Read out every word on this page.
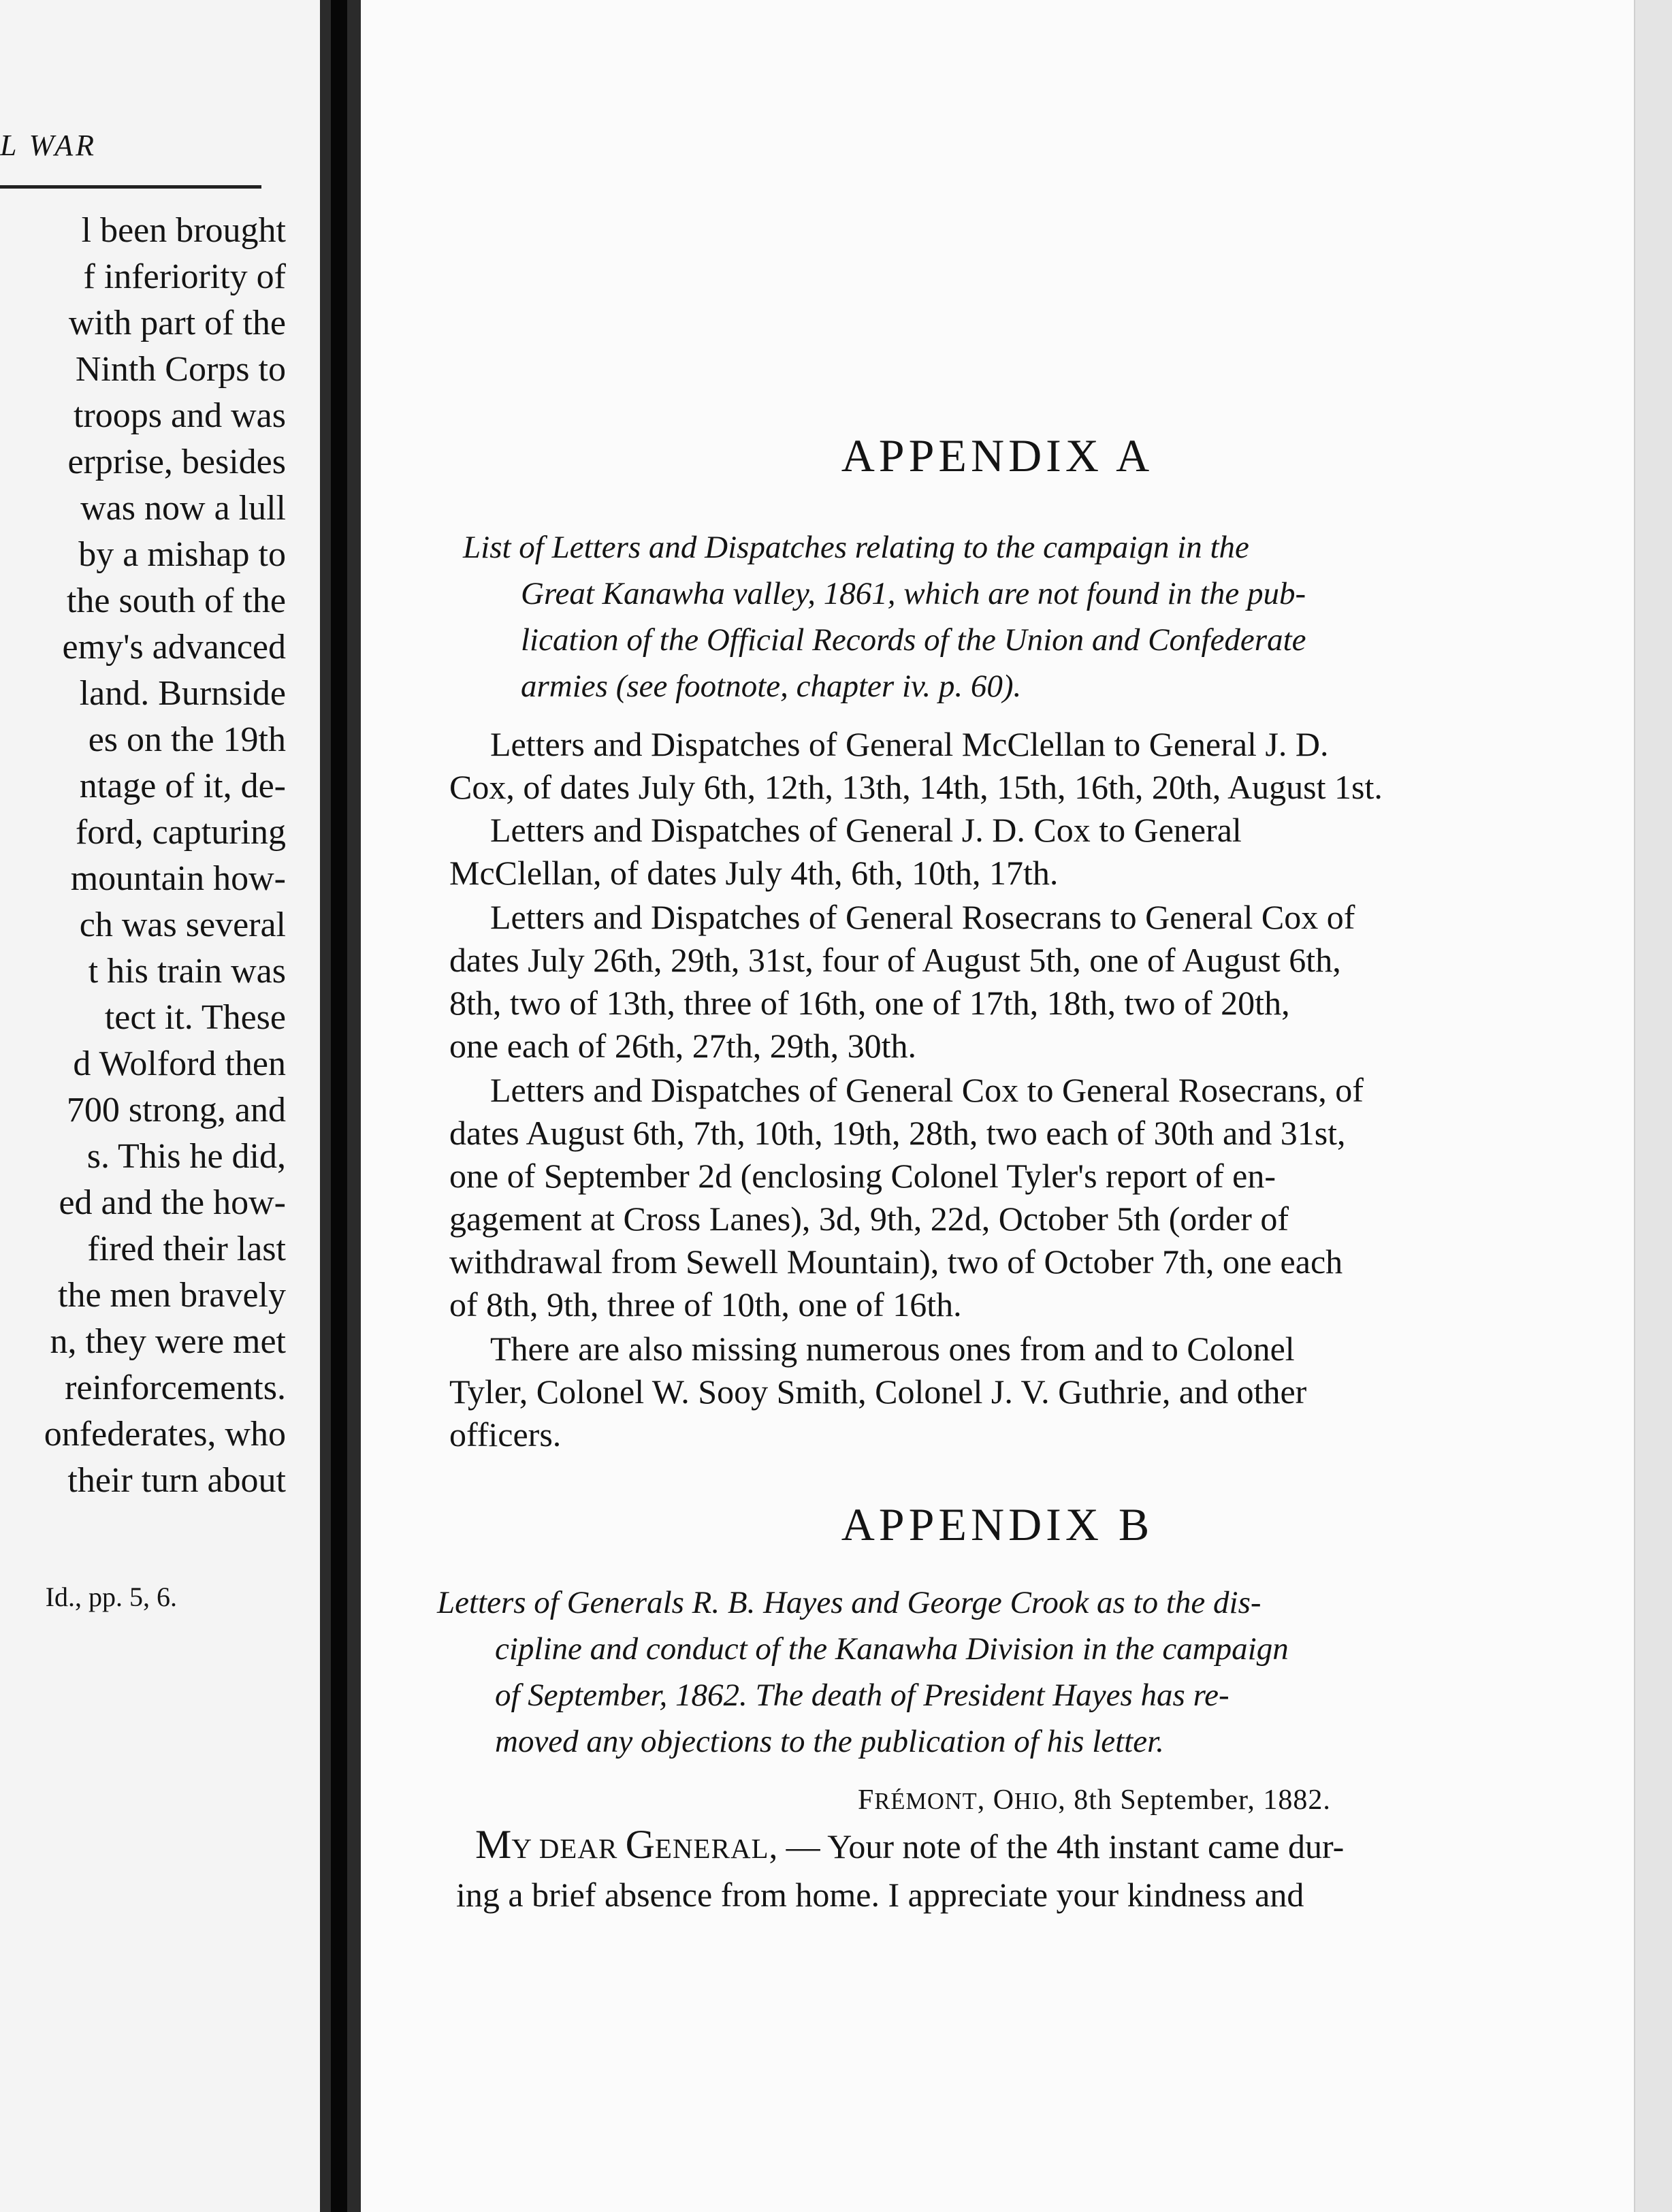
L WAR
l been brought
f inferiority of
with part of the
Ninth Corps to
troops and was
erprise, besides
was now a lull
by a mishap to
the south of the
emy's advanced
land. Burnside
es on the 19th
ntage of it, de-
ford, capturing
mountain how-
ch was several
t his train was
tect it. These
d Wolford then
700 strong, and
s. This he did,
ed and the how-
fired their last
the men bravely
n, they were met
reinforcements.
onfederates, who
their turn about
Id., pp. 5, 6.
APPENDIX A
List of Letters and Dispatches relating to the campaign in the
Great Kanawha valley, 1861, which are not found in the pub-
lication of the Official Records of the Union and Confederate
armies (see footnote, chapter iv. p. 60).
Letters and Dispatches of General McClellan to General J. D.
Cox, of dates July 6th, 12th, 13th, 14th, 15th, 16th, 20th, August 1st.
Letters and Dispatches of General J. D. Cox to General
McClellan, of dates July 4th, 6th, 10th, 17th.
Letters and Dispatches of General Rosecrans to General Cox of
dates July 26th, 29th, 31st, four of August 5th, one of August 6th,
8th, two of 13th, three of 16th, one of 17th, 18th, two of 20th,
one each of 26th, 27th, 29th, 30th.
Letters and Dispatches of General Cox to General Rosecrans, of
dates August 6th, 7th, 10th, 19th, 28th, two each of 30th and 31st,
one of September 2d (enclosing Colonel Tyler's report of en-
gagement at Cross Lanes), 3d, 9th, 22d, October 5th (order of
withdrawal from Sewell Mountain), two of October 7th, one each
of 8th, 9th, three of 10th, one of 16th.
There are also missing numerous ones from and to Colonel
Tyler, Colonel W. Sooy Smith, Colonel J. V. Guthrie, and other
officers.
APPENDIX B
Letters of Generals R. B. Hayes and George Crook as to the dis-
cipline and conduct of the Kanawha Division in the campaign
of September, 1862. The death of President Hayes has re-
moved any objections to the publication of his letter.
FRÉMONT, OHIO, 8th September, 1882.
MY DEAR GENERAL, — Your note of the 4th instant came dur-
ing a brief absence from home. I appreciate your kindness and
